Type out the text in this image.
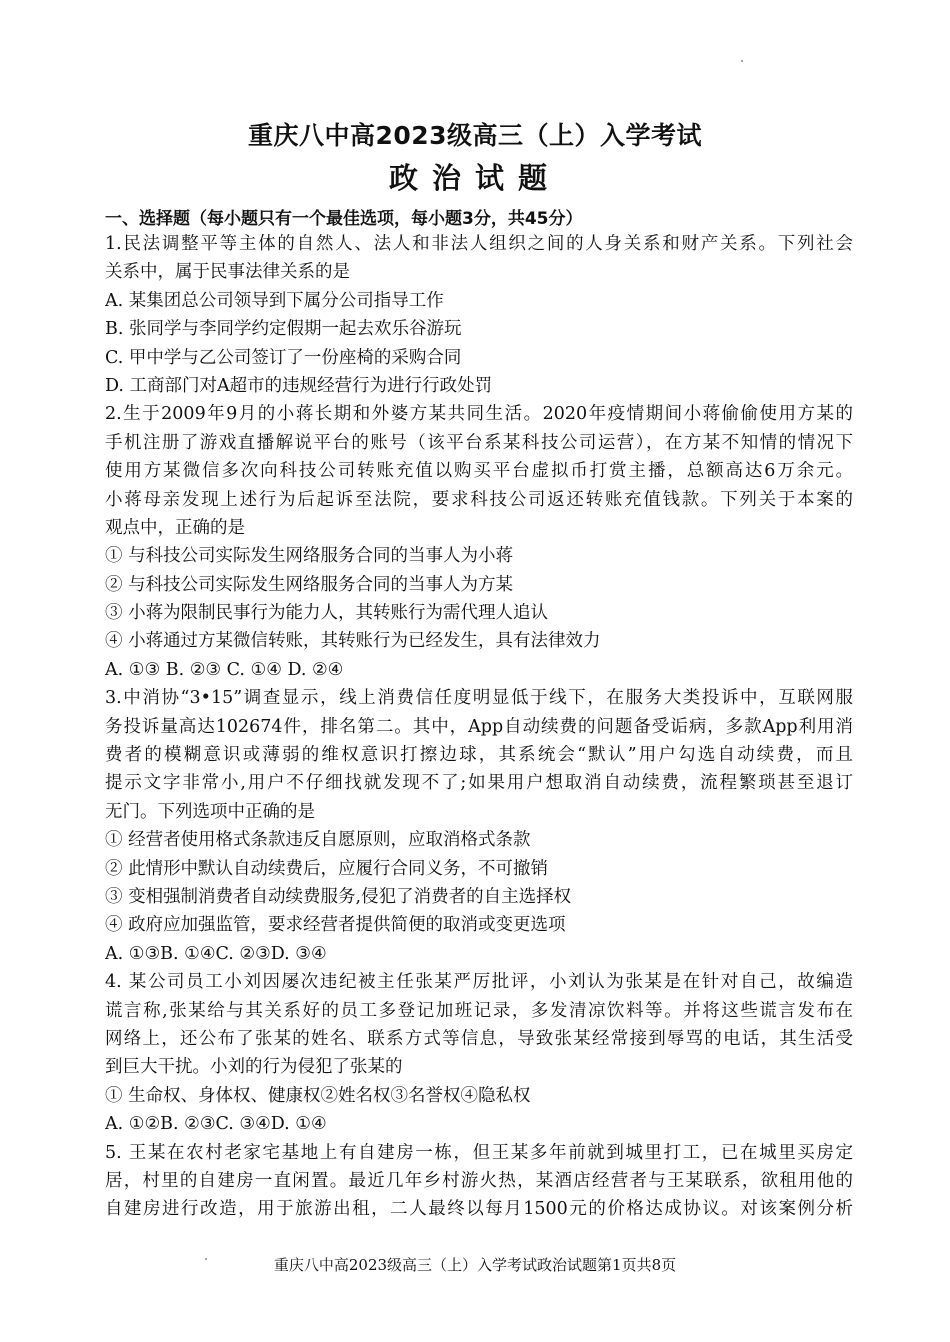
重庆八中高2023级高三（上）入学考试
政治试题
一、选择题（每小题只有一个最佳选项，每小题3分，共45分）
1.民法调整平等主体的自然人、法人和非法人组织之间的人身关系和财产关系。下列社会
关系中，属于民事法律关系的是
A. 某集团总公司领导到下属分公司指导工作
B. 张同学与李同学约定假期一起去欢乐谷游玩
C. 甲中学与乙公司签订了一份座椅的采购合同
D. 工商部门对A超市的违规经营行为进行行政处罚
2.生于2009年9月的小蒋长期和外婆方某共同生活。2020年疫情期间小蒋偷偷使用方某的
手机注册了游戏直播解说平台的账号（该平台系某科技公司运营），在方某不知情的情况下
使用方某微信多次向科技公司转账充值以购买平台虚拟币打赏主播，总额高达6万余元。
小蒋母亲发现上述行为后起诉至法院，要求科技公司返还转账充值钱款。下列关于本案的
观点中，正确的是
① 与科技公司实际发生网络服务合同的当事人为小蒋
② 与科技公司实际发生网络服务合同的当事人为方某
③ 小蒋为限制民事行为能力人，其转账行为需代理人追认
④ 小蒋通过方某微信转账，其转账行为已经发生，具有法律效力
A. ①③ B. ②③ C. ①④ D. ②④
3.中消协“3•15”调查显示，线上消费信任度明显低于线下，在服务大类投诉中，互联网服
务投诉量高达102674件，排名第二。其中，App自动续费的问题备受诟病，多款App利用消
费者的模糊意识或薄弱的维权意识打擦边球，其系统会“默认”用户勾选自动续费，而且
提示文字非常小,用户不仔细找就发现不了;如果用户想取消自动续费，流程繁琐甚至退订
无门。下列选项中正确的是
① 经营者使用格式条款违反自愿原则，应取消格式条款
② 此情形中默认自动续费后，应履行合同义务，不可撤销
③ 变相强制消费者自动续费服务,侵犯了消费者的自主选择权
④ 政府应加强监管，要求经营者提供简便的取消或变更选项
A. ①③B. ①④C. ②③D. ③④
4. 某公司员工小刘因屡次违纪被主任张某严厉批评，小刘认为张某是在针对自己，故编造
谎言称,张某给与其关系好的员工多登记加班记录，多发清凉饮料等。并将这些谎言发布在
网络上，还公布了张某的姓名、联系方式等信息，导致张某经常接到辱骂的电话，其生活受
到巨大干扰。小刘的行为侵犯了张某的
① 生命权、身体权、健康权②姓名权③名誉权④隐私权
A. ①②B. ②③C. ③④D. ①④
5. 王某在农村老家宅基地上有自建房一栋，但王某多年前就到城里打工，已在城里买房定
居，村里的自建房一直闲置。最近几年乡村游火热，某酒店经营者与王某联系，欲租用他的
自建房进行改造，用于旅游出租，二人最终以每月1500元的价格达成协议。对该案例分析
重庆八中高2023级高三（上）入学考试政治试题第1页共8页
